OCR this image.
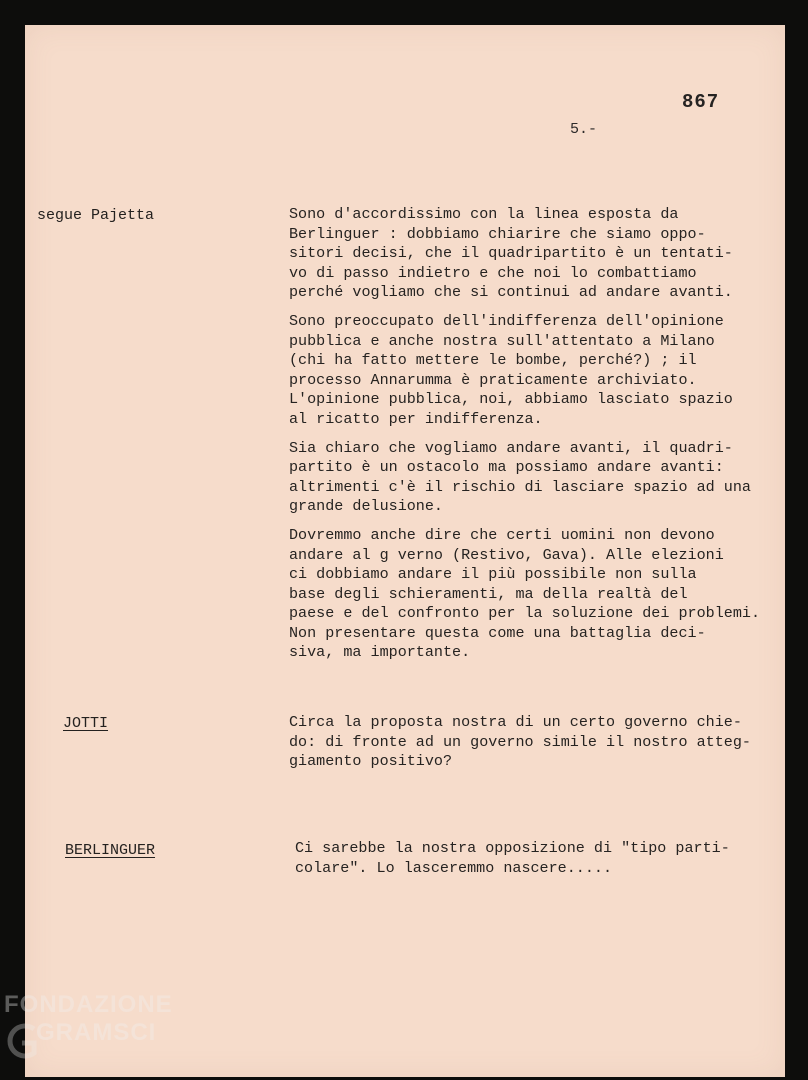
867
5.-
segue Pajetta	Sono d'accordissimo con la linea esposta da
Berlinguer : dobbiamo chiarire che siamo oppo-
sitori decisi, che il quadripartito è un tentati-
vo di passo indietro e che noi lo combattiamo
perché vogliamo che si continui ad andare avanti.

Sono preoccupato dell'indifferenza dell'opinione
pubblica e anche nostra sull'attentato a Milano
(chi ha fatto mettere le bombe, perché?) ; il
processo Annarumma è praticamente archiviato.
L'opinione pubblica, noi, abbiamo lasciato spazio
al ricatto per indifferenza.

Sia chiaro che vogliamo andare avanti, il quadri-
partito è un ostacolo ma possiamo andare avanti:
altrimenti c'è il rischio di lasciare spazio ad una
grande delusione.

Dovremmo anche dire che certi uomini non devono
andare al g verno (Restivo, Gava). Alle elezioni
ci dobbiamo andare il più possibile non sulla
base degli schieramenti, ma della realtà del
paese e del confronto per la soluzione dei problemi.
Non presentare questa come una battaglia deci-
siva, ma importante.

JOTTI	Circa la proposta nostra di un certo governo chie-
do: di fronte ad un governo simile il nostro atteg-
giamento positivo?

BERLINGUER	Ci sarebbe la nostra opposizione di "tipo parti-
colare". Lo lasceremmo nascere.....

FONDAZIONE
GRAMSCI
